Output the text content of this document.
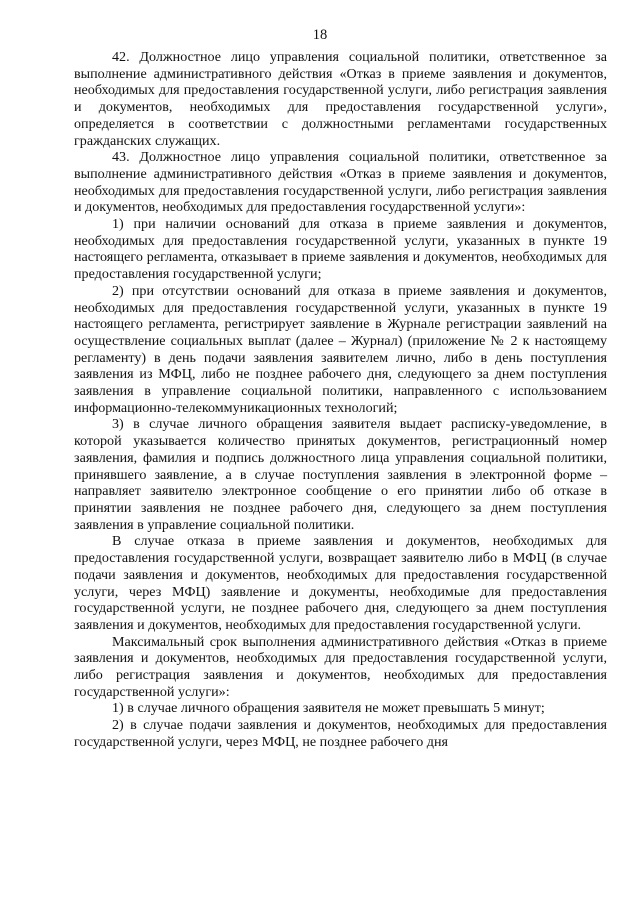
18

42. Должностное лицо управления социальной политики, ответственное за выполнение административного действия «Отказ в приеме заявления и документов, необходимых для предоставления государственной услуги, либо регистрация заявления и документов, необходимых для предоставления государственной услуги», определяется в соответствии с должностными регламентами государственных гражданских служащих.

43. Должностное лицо управления социальной политики, ответственное за выполнение административного действия «Отказ в приеме заявления и документов, необходимых для предоставления государственной услуги, либо регистрация заявления и документов, необходимых для предоставления государственной услуги»:

1) при наличии оснований для отказа в приеме заявления и документов, необходимых для предоставления государственной услуги, указанных в пункте 19 настоящего регламента, отказывает в приеме заявления и документов, необходимых для предоставления государственной услуги;

2) при отсутствии оснований для отказа в приеме заявления и документов, необходимых для предоставления государственной услуги, указанных в пункте 19 настоящего регламента, регистрирует заявление в Журнале регистрации заявлений на осуществление социальных выплат (далее – Журнал) (приложение № 2 к настоящему регламенту) в день подачи заявления заявителем лично, либо в день поступления заявления из МФЦ, либо не позднее рабочего дня, следующего за днем поступления заявления в управление социальной политики, направленного с использованием информационно-телекоммуникационных технологий;

3) в случае личного обращения заявителя выдает расписку-уведомление, в которой указывается количество принятых документов, регистрационный номер заявления, фамилия и подпись должностного лица управления социальной политики, принявшего заявление, а в случае поступления заявления в электронной форме – направляет заявителю электронное сообщение о его принятии либо об отказе в принятии заявления не позднее рабочего дня, следующего за днем поступления заявления в управление социальной политики.

В случае отказа в приеме заявления и документов, необходимых для предоставления государственной услуги, возвращает заявителю либо в МФЦ (в случае подачи заявления и документов, необходимых для предоставления государственной услуги, через МФЦ) заявление и документы, необходимые для предоставления государственной услуги, не позднее рабочего дня, следующего за днем поступления заявления и документов, необходимых для предоставления государственной услуги.

Максимальный срок выполнения административного действия «Отказ в приеме заявления и документов, необходимых для предоставления государственной услуги, либо регистрация заявления и документов, необходимых для предоставления государственной услуги»:

1) в случае личного обращения заявителя не может превышать 5 минут;

2) в случае подачи заявления и документов, необходимых для предоставления государственной услуги, через МФЦ, не позднее рабочего дня
